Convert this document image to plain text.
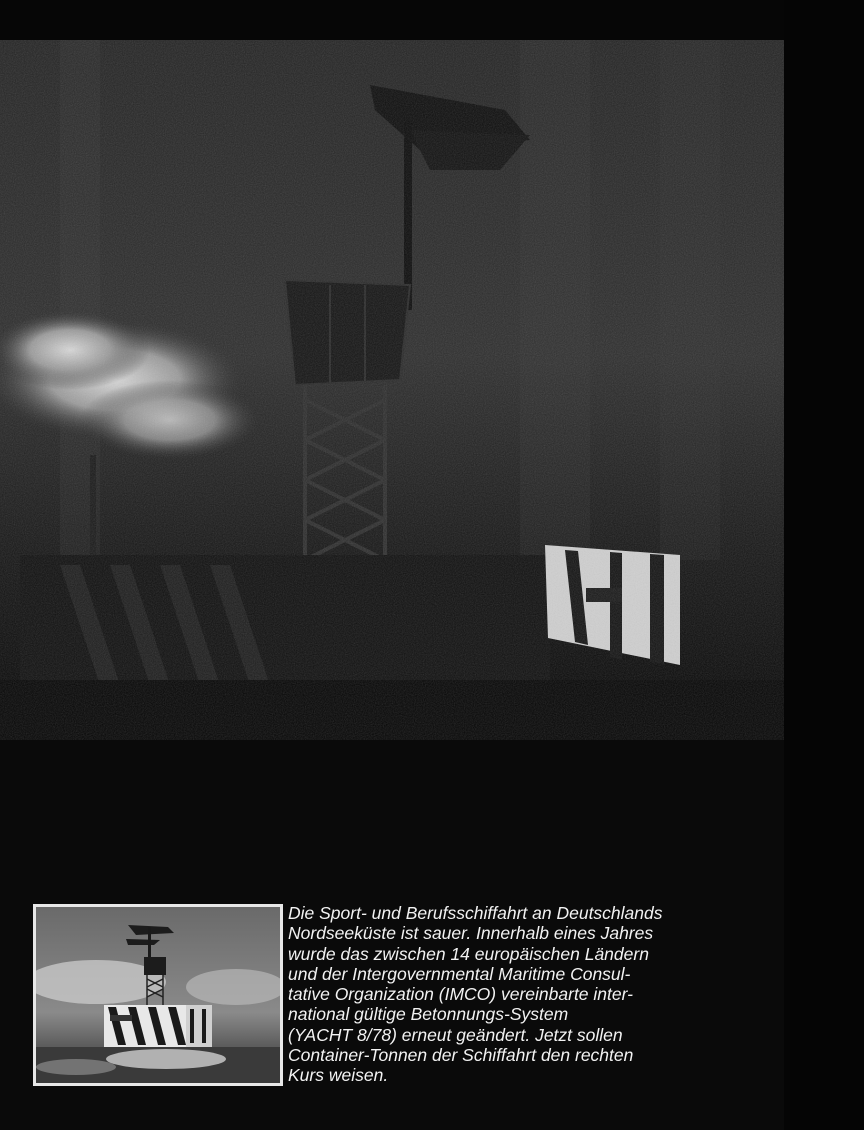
Die Sport- und Berufsschiffahrt an Deutschlands
Nordseeküste ist sauer. Innerhalb eines Jahres
wurde das zwischen 14 europäischen Ländern
und der Intergovernmental Maritime Consul-
tative Organization (IMCO) vereinbarte inter-
national gültige Betonnungs-System
(YACHT 8/78) erneut geändert. Jetzt sollen
Container-Tonnen der Schiffahrt den rechten
Kurs weisen.
